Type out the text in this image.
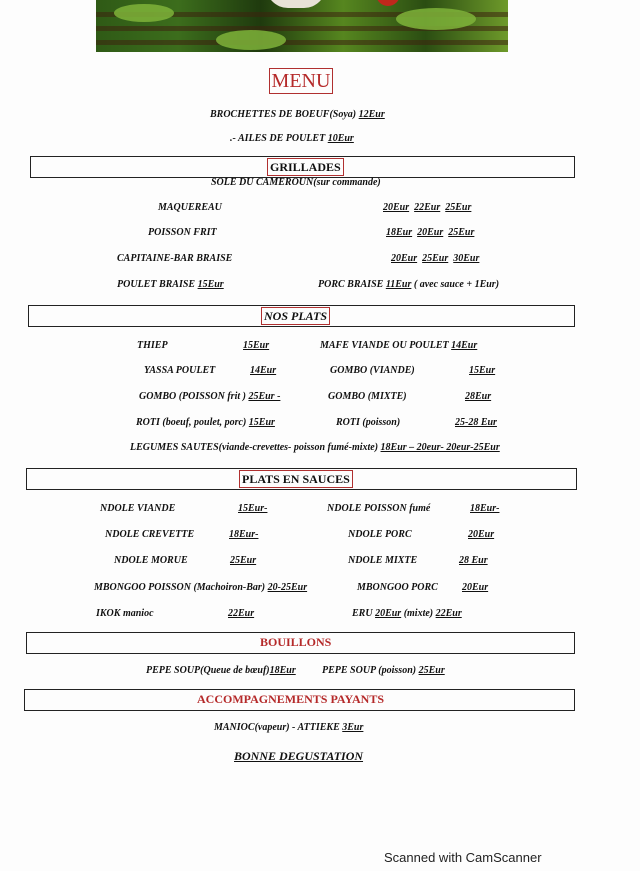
MENU
BROCHETTES DE BOEUF(Soya) 12Eur
.- AILES DE POULET 10Eur
GRILLADES
SOLE DU CAMEROUN(sur commande)
MAQUEREAU	20Eur 22Eur 25Eur
POISSON FRIT	18Eur 20Eur 25Eur
CAPITAINE-BAR BRAISE	20Eur 25Eur 30Eur
POULET BRAISE 15Eur	PORC BRAISE 11Eur ( avec sauce + 1Eur)
NOS PLATS
THIEP	15Eur	MAFE VIANDE OU POULET 14Eur
YASSA POULET	14Eur	GOMBO (VIANDE)	15Eur
GOMBO (POISSON frit ) 25Eur -	GOMBO (MIXTE)	28Eur
ROTI (boeuf, poulet, porc) 15Eur	ROTI (poisson)	25-28 Eur
LEGUMES SAUTES(viande-crevettes- poisson fumé-mixte) 18Eur – 20eur- 20eur-25Eur
PLATS EN SAUCES
NDOLE VIANDE	15Eur-	NDOLE POISSON fumé	18Eur-
NDOLE CREVETTE	18Eur-	NDOLE PORC	20Eur
NDOLE MORUE	25Eur	NDOLE MIXTE	28 Eur
MBONGOO POISSON (Machoiron-Bar) 20-25Eur	MBONGOO PORC 20Eur
IKOK manioc	22Eur	ERU 20Eur (mixte) 22Eur
BOUILLONS
PEPE SOUP(Queue de bœuf)18Eur	PEPE SOUP (poisson) 25Eur
ACCOMPAGNEMENTS PAYANTS
MANIOC(vapeur) - ATTIEKE 3Eur
BONNE DEGUSTATION
Scanned with CamScanner
